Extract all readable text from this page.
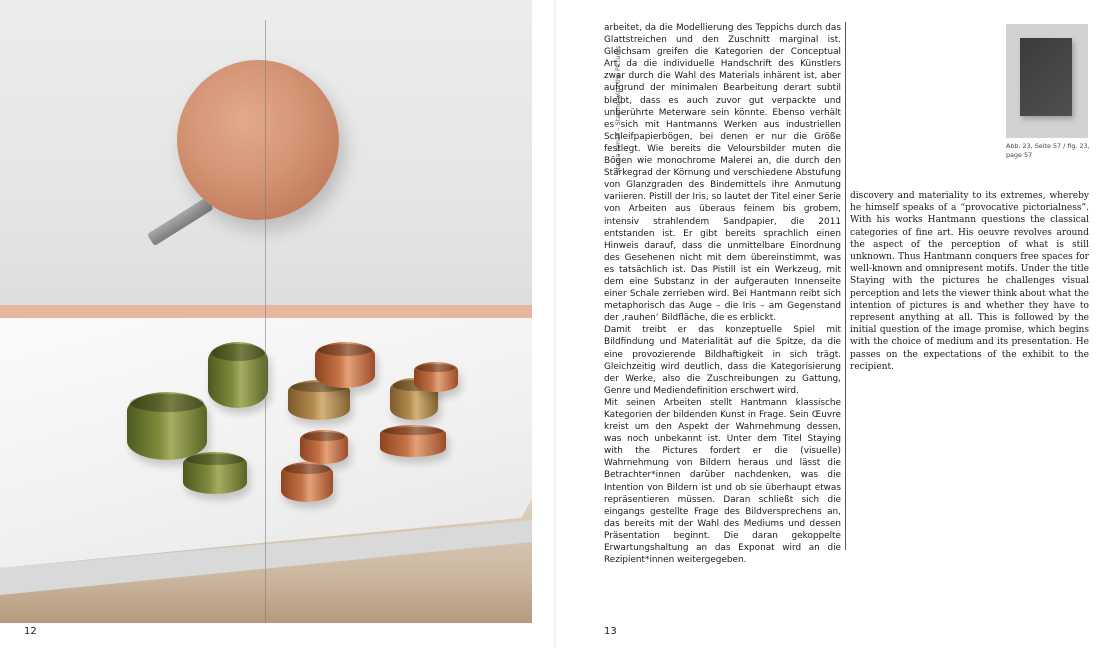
12
Nadia Ismail – Staying with the Pictures

arbeitet, da die Modellierung des Teppichs durch das Glattstreichen und den Zuschnitt marginal ist. Gleichsam greifen die Kategorien der Conceptual Art, da die individuelle Handschrift des Künstlers zwar durch die Wahl des Materials inhärent ist, aber aufgrund der minimalen Bearbeitung derart subtil bleibt, dass es auch zuvor gut verpackte und unberührte Meterware sein könnte. Ebenso verhält es sich mit Hantmanns Werken aus industriellen Schleifpapierbögen, bei denen er nur die Größe festlegt. Wie bereits die Veloursbilder muten die Bögen wie monochrome Malerei an, die durch den Stärkegrad der Körnung und verschiedene Abstufung von Glanzgraden des Bindemittels ihre Anmutung variieren. Pistill der Iris, so lautet der Titel einer Serie von Arbeiten aus überaus feinem bis grobem, intensiv strahlendem Sandpapier, die 2011 entstanden ist. Er gibt bereits sprachlich einen Hinweis darauf, dass die unmittelbare Einordnung des Gesehenen nicht mit dem übereinstimmt, was es tatsächlich ist. Das Pistill ist ein Werkzeug, mit dem eine Substanz in der aufgerauten Innenseite einer Schale zerrieben wird. Bei Hantmann reibt sich metaphorisch das Auge – die Iris – am Gegenstand der ‚rauhen‘ Bildfläche, die es erblickt.

Damit treibt er das konzeptuelle Spiel mit Bildfindung und Materialität auf die Spitze, da die eine provozierende Bildhaftigkeit in sich trägt. Gleichzeitig wird deutlich, dass die Kategorisierung der Werke, also die Zuschreibungen zu Gattung, Genre und Mediendefinition erschwert wird.

Mit seinen Arbeiten stellt Hantmann klassische Kategorien der bildenden Kunst in Frage. Sein Œuvre kreist um den Aspekt der Wahrnehmung dessen, was noch unbekannt ist. Unter dem Titel Staying with the Pictures fordert er die (visuelle) Wahrnehmung von Bildern heraus und lässt die Betrachter*innen darüber nachdenken, was die Intention von Bildern ist und ob sie überhaupt etwas repräsentieren müssen. Daran schließt sich die eingangs gestellte Frage des Bildversprechens an, das bereits mit der Wahl des Mediums und dessen Präsentation beginnt. Die daran gekoppelte Erwartungshaltung an das Exponat wird an die Rezipient*innen weitergegeben.

Abb. 23, Seite 57 / fig. 23, page 57

discovery and materiality to its extremes, whereby he himself speaks of a “provocative pictorialness”. With his works Hantmann questions the classical categories of fine art. His oeuvre revolves around the aspect of the perception of what is still unknown. Thus Hantmann conquers free spaces for well-known and omnipresent motifs. Under the title Staying with the pictures he challenges visual perception and lets the viewer think about what the intention of pictures is and whether they have to represent anything at all. This is followed by the initial question of the image promise, which begins with the choice of medium and its presentation. He passes on the expectations of the exhibit to the recipient.

13
